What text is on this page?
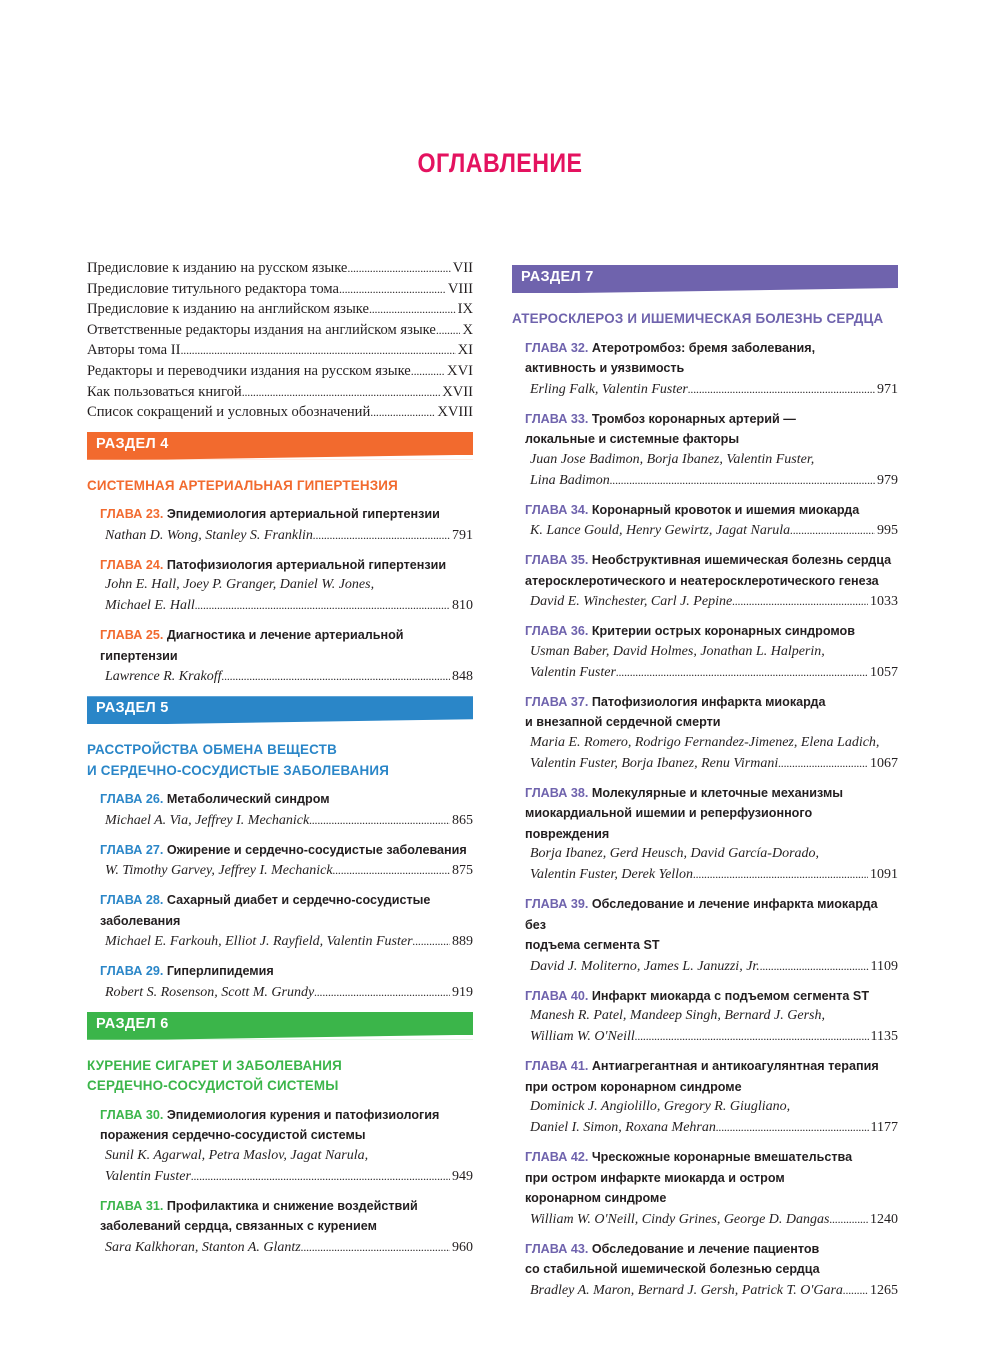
ОГЛАВЛЕНИЕ
Предисловие к изданию на русском языке . . .	VII
Предисловие титульного редактора тома . . .	VIII
Предисловие к изданию на английском языке . . .	IX
Ответственные редакторы издания на английском языке . . . X
Авторы тома II . . .	XI
Редакторы и переводчики издания на русском языке . . . XVI
Как пользоваться книгой . . .	XVII
Список сокращений и условных обозначений . . .	XVIII
РАЗДЕЛ 4
СИСТЕМНАЯ АРТЕРИАЛЬНАЯ ГИПЕРТЕНЗИЯ
ГЛАВА 23. Эпидемиология артериальной гипертензии
Nathan D. Wong, Stanley S. Franklin . . .	791
ГЛАВА 24. Патофизиология артериальной гипертензии
John E. Hall, Joey P. Granger, Daniel W. Jones,
Michael E. Hall . . .	810
ГЛАВА 25. Диагностика и лечение артериальной гипертензии
Lawrence R. Krakoff . . .	848
РАЗДЕЛ 5
РАССТРОЙСТВА ОБМЕНА ВЕЩЕСТВ
И СЕРДЕЧНО-СОСУДИСТЫЕ ЗАБОЛЕВАНИЯ
ГЛАВА 26. Метаболический синдром
Michael A. Via, Jeffrey I. Mechanick . . .	865
ГЛАВА 27. Ожирение и сердечно-сосудистые заболевания
W. Timothy Garvey, Jeffrey I. Mechanick . . .	875
ГЛАВА 28. Сахарный диабет и сердечно-сосудистые
заболевания
Michael E. Farkouh, Elliot J. Rayfield, Valentin Fuster . . .	889
ГЛАВА 29. Гиперлипидемия
Robert S. Rosenson, Scott M. Grundy . . .	919
РАЗДЕЛ 6
КУРЕНИЕ СИГАРЕТ И ЗАБОЛЕВАНИЯ
СЕРДЕЧНО-СОСУДИСТОЙ СИСТЕМЫ
ГЛАВА 30. Эпидемиология курения и патофизиология
поражения сердечно-сосудистой системы
Sunil K. Agarwal, Petra Maslov, Jagat Narula,
Valentin Fuster . . .	949
ГЛАВА 31. Профилактика и снижение воздействий
заболеваний сердца, связанных с курением
Sara Kalkhoran, Stanton A. Glantz . . .	960
РАЗДЕЛ 7
АТЕРОСКЛЕРОЗ И ИШЕМИЧЕСКАЯ БОЛЕЗНЬ СЕРДЦА
ГЛАВА 32. Атеротромбоз: бремя заболевания,
активность и уязвимость
Erling Falk, Valentin Fuster . . .	971
ГЛАВА 33. Тромбоз коронарных артерий —
локальные и системные факторы
Juan Jose Badimon, Borja Ibanez, Valentin Fuster,
Lina Badimon . . .	979
ГЛАВА 34. Коронарный кровоток и ишемия миокарда
K. Lance Gould, Henry Gewirtz, Jagat Narula . . .	995
ГЛАВА 35. Необструктивная ишемическая болезнь сердца
атеросклеротического и неатеросклеротического генеза
David E. Winchester, Carl J. Pepine . . .	1033
ГЛАВА 36. Критерии острых коронарных синдромов
Usman Baber, David Holmes, Jonathan L. Halperin,
Valentin Fuster . . .	1057
ГЛАВА 37. Патофизиология инфаркта миокарда
и внезапной сердечной смерти
Maria E. Romero, Rodrigo Fernandez-Jimenez, Elena Ladich,
Valentin Fuster, Borja Ibanez, Renu Virmani . . .	1067
ГЛАВА 38. Молекулярные и клеточные механизмы
миокардиальной ишемии и реперфузионного повреждения
Borja Ibanez, Gerd Heusch, David García-Dorado,
Valentin Fuster, Derek Yellon . . .	1091
ГЛАВА 39. Обследование и лечение инфаркта миокарда без
подъема сегмента ST
David J. Moliterno, James L. Januzzi, Jr. . . .	1109
ГЛАВА 40. Инфаркт миокарда с подъемом сегмента ST
Manesh R. Patel, Mandeep Singh, Bernard J. Gersh,
William W. O'Neill . . .	1135
ГЛАВА 41. Антиагрегантная и антикоагулянтная терапия
при остром коронарном синдроме
Dominick J. Angiolillo, Gregory R. Giugliano,
Daniel I. Simon, Roxana Mehran . . .	1177
ГЛАВА 42. Чрескожные коронарные вмешательства
при остром инфаркте миокарда и остром
коронарном синдроме
William W. O'Neill, Cindy Grines, George D. Dangas . . .	1240
ГЛАВА 43. Обследование и лечение пациентов
со стабильной ишемической болезнью сердца
Bradley A. Maron, Bernard J. Gersh, Patrick T. O'Gara . . . 1265
